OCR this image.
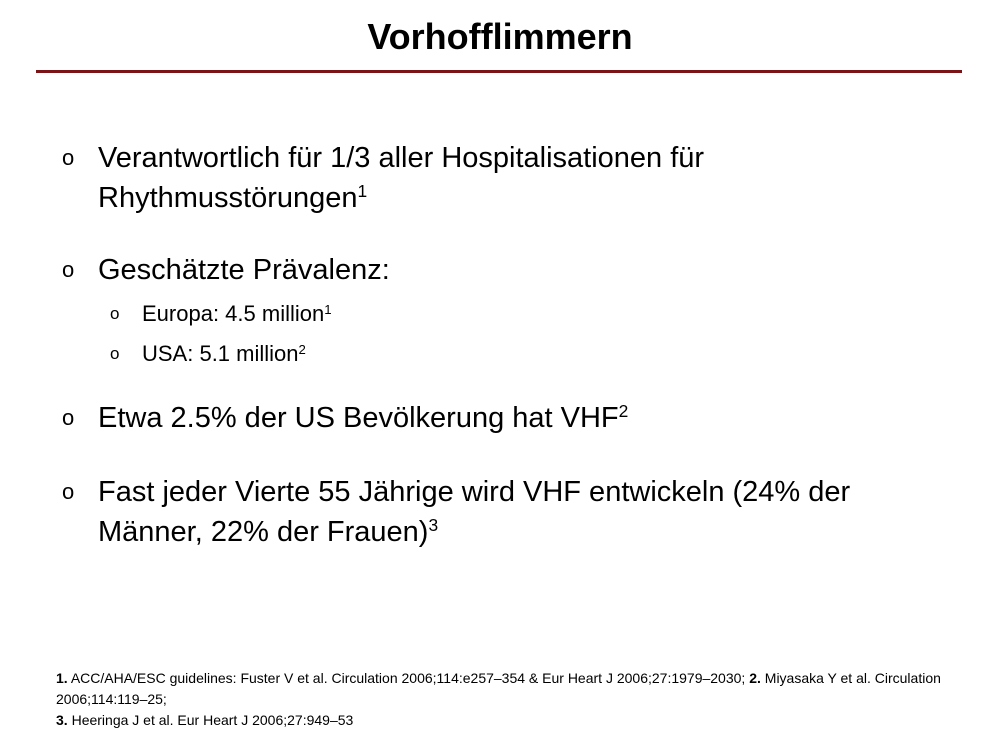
Vorhofflimmern
o Verantwortlich für 1/3 aller Hospitalisationen für Rhythmusstörungen$^1$
o Geschätzte Prävalenz:
o Europa: 4.5 million$^1$
o USA: 5.1 million$^2$
o Etwa 2.5% der US Bevölkerung hat VHF$^2$
o Fast jeder Vierte 55 Jährige wird VHF entwickeln (24% der Männer, 22% der Frauen)$^3$
1. ACC/AHA/ESC guidelines: Fuster V et al. Circulation 2006;114:e257–354 & Eur Heart J 2006;27:1979–2030; 2. Miyasaka Y et al. Circulation 2006;114:119–25;
3. Heeringa J et al. Eur Heart J 2006;27:949–53
